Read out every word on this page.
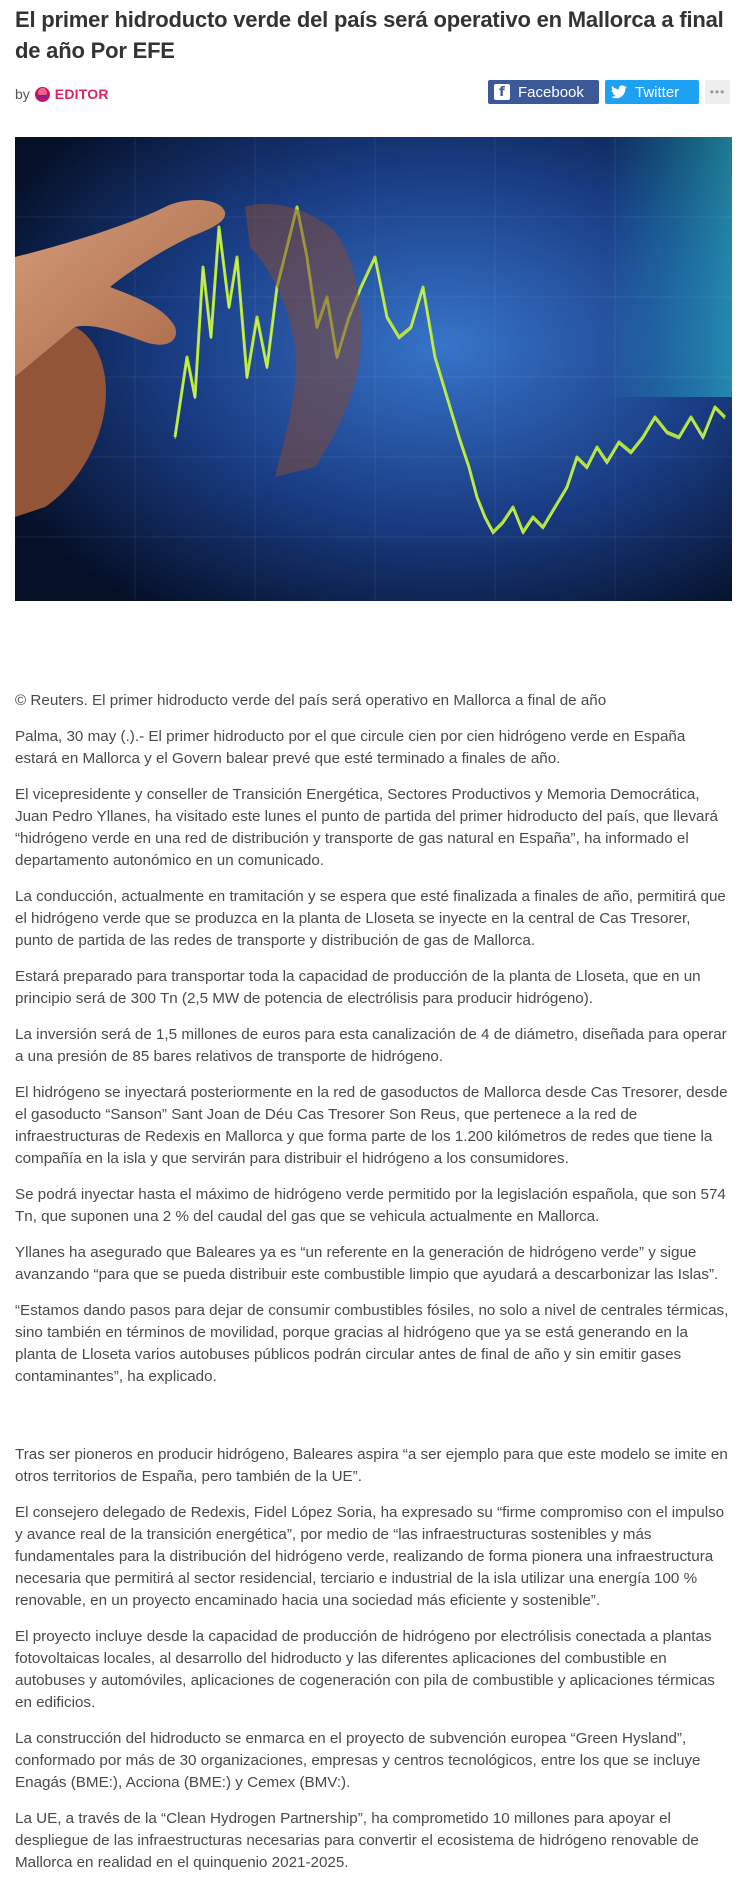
El primer hidroducto verde del país será operativo en Mallorca a final de año Por EFE
by EDITOR	f Facebook	Twitter	•••

© Reuters. El primer hidroducto verde del país será operativo en Mallorca a final de año

Palma, 30 may (.).- El primer hidroducto por el que circule cien por cien hidrógeno verde en España estará en Mallorca y el Govern balear prevé que esté terminado a finales de año.

El vicepresidente y conseller de Transición Energética, Sectores Productivos y Memoria Democrática, Juan Pedro Yllanes, ha visitado este lunes el punto de partida del primer hidroducto del país, que llevará “hidrógeno verde en una red de distribución y transporte de gas natural en España”, ha informado el departamento autonómico en un comunicado.

La conducción, actualmente en tramitación y se espera que esté finalizada a finales de año, permitirá que el hidrógeno verde que se produzca en la planta de Lloseta se inyecte en la central de Cas Tresorer, punto de partida de las redes de transporte y distribución de gas de Mallorca.

Estará preparado para transportar toda la capacidad de producción de la planta de Lloseta, que en un principio será de 300 Tn (2,5 MW de potencia de electrólisis para producir hidrógeno).

La inversión será de 1,5 millones de euros para esta canalización de 4 de diámetro, diseñada para operar a una presión de 85 bares relativos de transporte de hidrógeno.

El hidrógeno se inyectará posteriormente en la red de gasoductos de Mallorca desde Cas Tresorer, desde el gasoducto “Sanson” Sant Joan de Déu Cas Tresorer Son Reus, que pertenece a la red de infraestructuras de Redexis en Mallorca y que forma parte de los 1.200 kilómetros de redes que tiene la compañía en la isla y que servirán para distribuir el hidrógeno a los consumidores.

Se podrá inyectar hasta el máximo de hidrógeno verde permitido por la legislación española, que son 574 Tn, que suponen una 2 % del caudal del gas que se vehicula actualmente en Mallorca.

Yllanes ha asegurado que Baleares ya es “un referente en la generación de hidrógeno verde” y sigue avanzando “para que se pueda distribuir este combustible limpio que ayudará a descarbonizar las Islas”.

“Estamos dando pasos para dejar de consumir combustibles fósiles, no solo a nivel de centrales térmicas, sino también en términos de movilidad, porque gracias al hidrógeno que ya se está generando en la planta de Lloseta varios autobuses públicos podrán circular antes de final de año y sin emitir gases contaminantes”, ha explicado.

Tras ser pioneros en producir hidrógeno, Baleares aspira “a ser ejemplo para que este modelo se imite en otros territorios de España, pero también de la UE”.

El consejero delegado de Redexis, Fidel López Soria, ha expresado su “firme compromiso con el impulso y avance real de la transición energética”, por medio de “las infraestructuras sostenibles y más fundamentales para la distribución del hidrógeno verde, realizando de forma pionera una infraestructura necesaria que permitirá al sector residencial, terciario e industrial de la isla utilizar una energía 100 % renovable, en un proyecto encaminado hacia una sociedad más eficiente y sostenible”.

El proyecto incluye desde la capacidad de producción de hidrógeno por electrólisis conectada a plantas fotovoltaicas locales, al desarrollo del hidroducto y las diferentes aplicaciones del combustible en autobuses y automóviles, aplicaciones de cogeneración con pila de combustible y aplicaciones térmicas en edificios.

La construcción del hidroducto se enmarca en el proyecto de subvención europea “Green Hysland”, conformado por más de 30 organizaciones, empresas y centros tecnológicos, entre los que se incluye Enagás (BME:), Acciona (BME:) y Cemex (BMV:).

La UE, a través de la “Clean Hydrogen Partnership”, ha comprometido 10 millones para apoyar el despliegue de las infraestructuras necesarias para convertir el ecosistema de hidrógeno renovable de Mallorca en realidad en el quinquenio 2021-2025.
